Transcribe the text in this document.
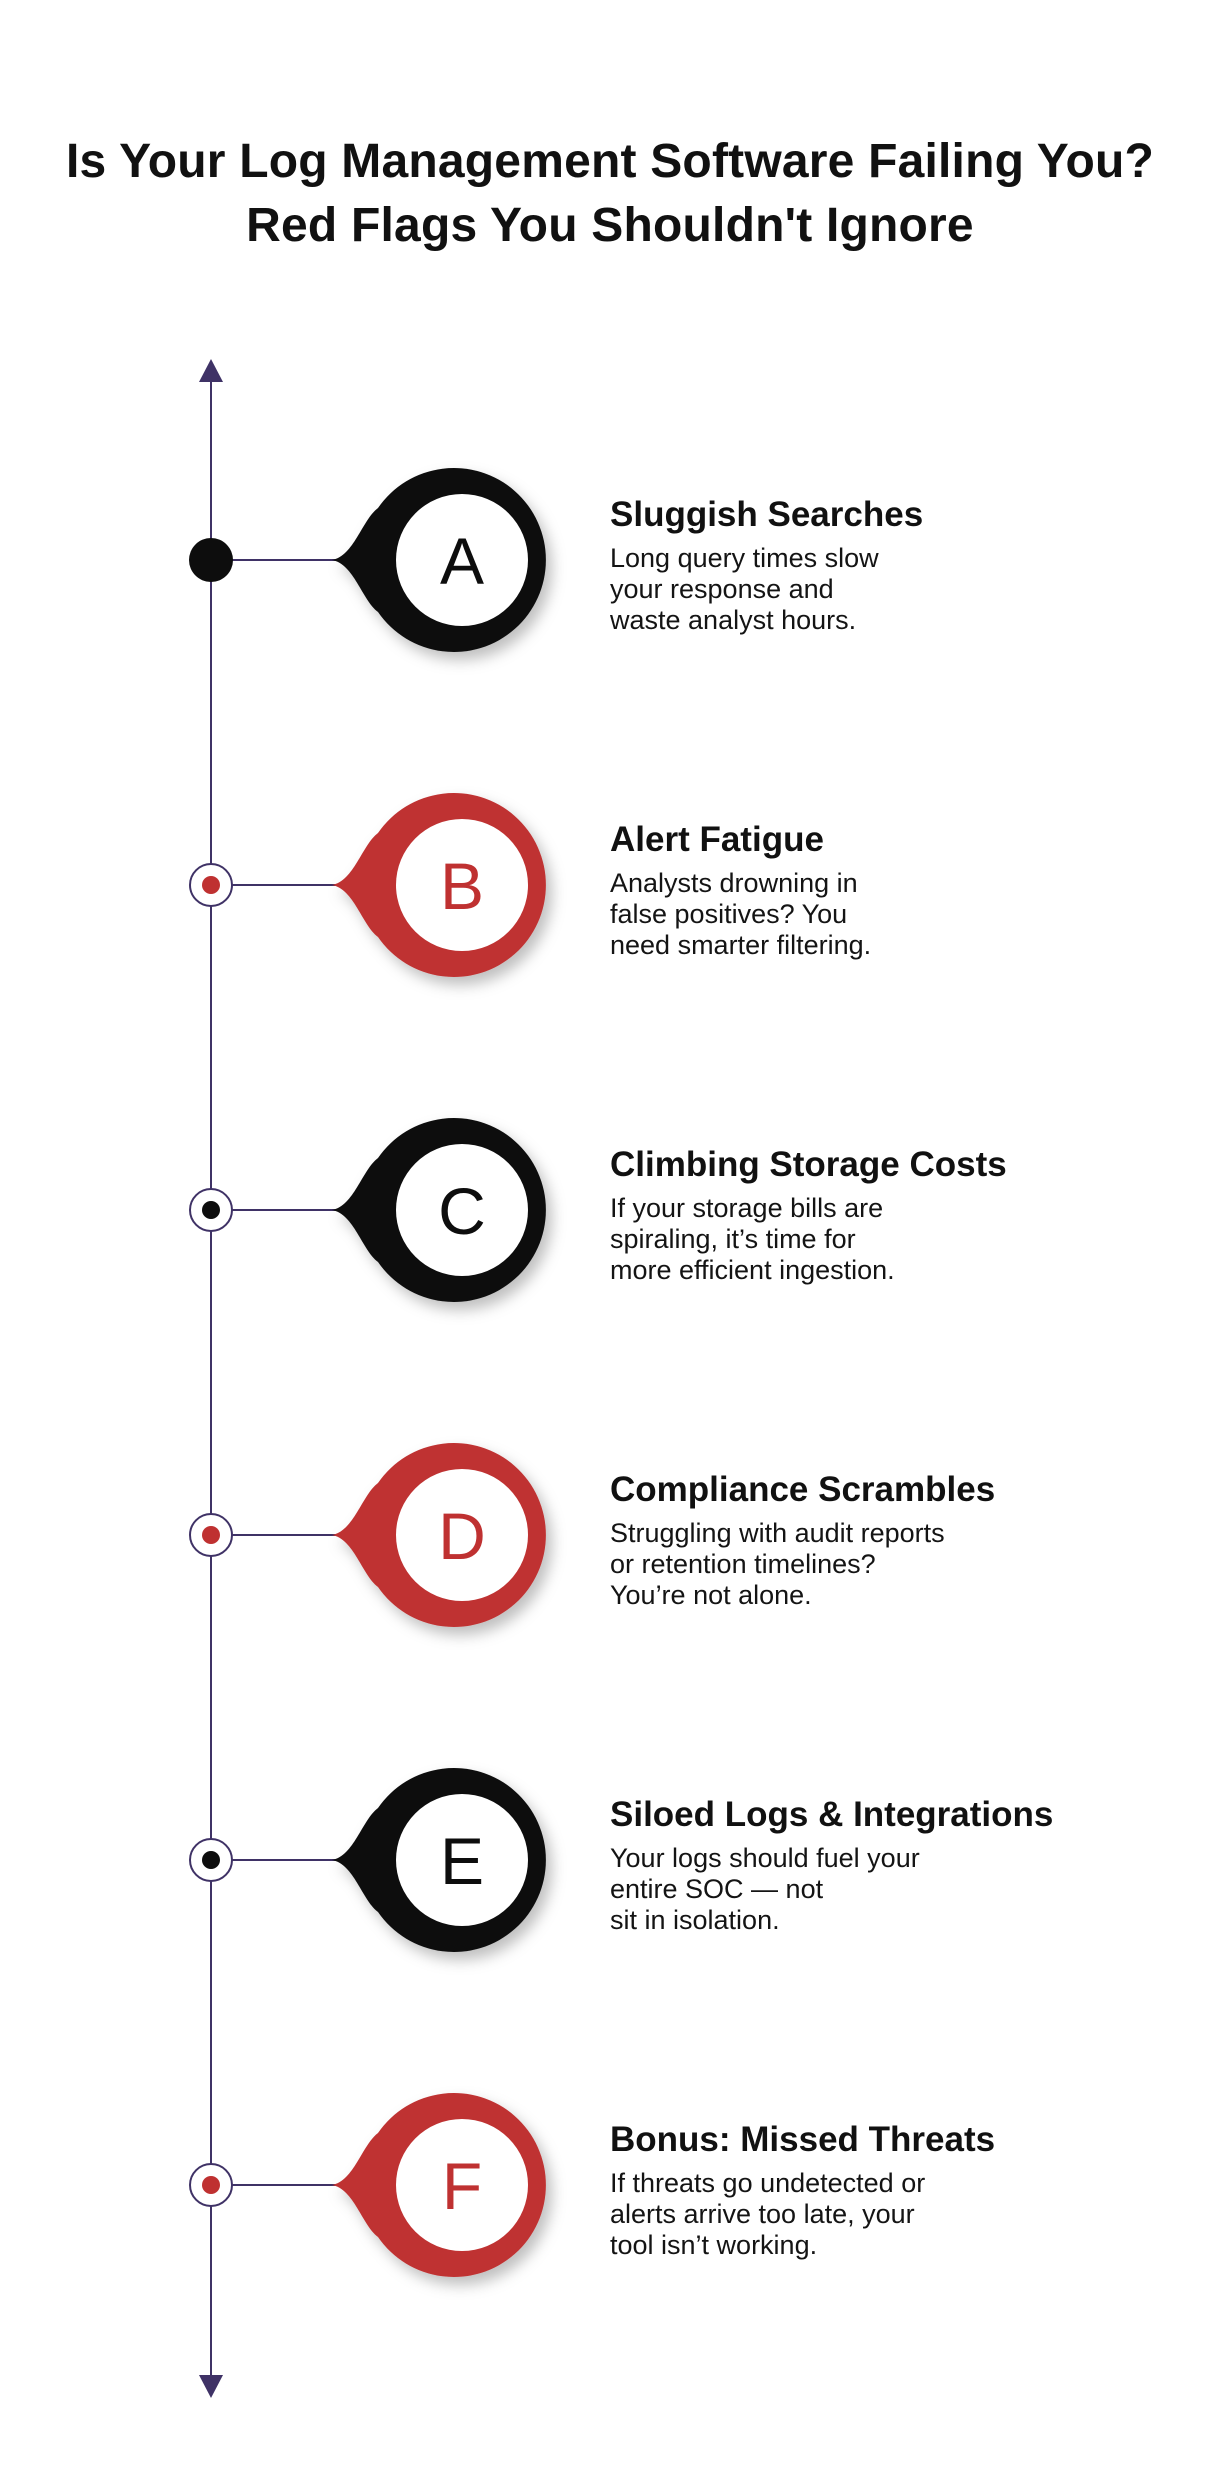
Is Your Log Management Software Failing You?
Red Flags You Shouldn't Ignore
A
B
C
D
E
F
Sluggish Searches
Long query times slow
your response and
waste analyst hours.
Alert Fatigue
Analysts drowning in
false positives? You
need smarter filtering.
Climbing Storage Costs
If your storage bills are
spiraling, it’s time for
more efficient ingestion.
Compliance Scrambles
Struggling with audit reports
or retention timelines?
You’re not alone.
Siloed Logs & Integrations
Your logs should fuel your
entire SOC — not
sit in isolation.
Bonus: Missed Threats
If threats go undetected or
alerts arrive too late, your
tool isn’t working.
